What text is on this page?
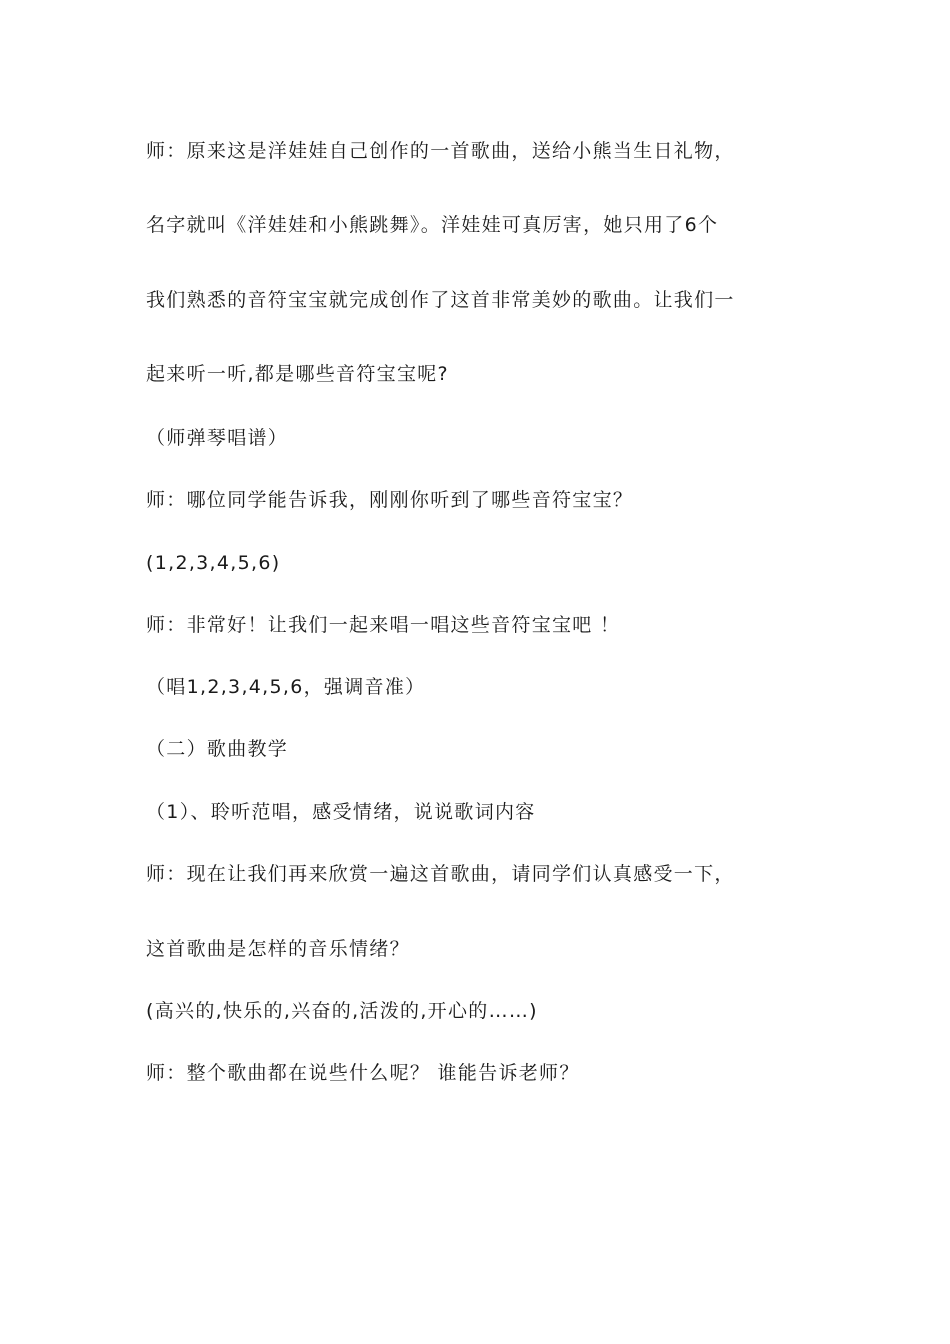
师：原来这是洋娃娃自己创作的一首歌曲，送给小熊当生日礼物，
名字就叫《洋娃娃和小熊跳舞》。洋娃娃可真厉害，她只用了6个
我们熟悉的音符宝宝就完成创作了这首非常美妙的歌曲。让我们一
起来听一听,都是哪些音符宝宝呢?
（师弹琴唱谱）
师：哪位同学能告诉我，刚刚你听到了哪些音符宝宝？
(1,2,3,4,5,6)
师：非常好！让我们一起来唱一唱这些音符宝宝吧 ！
（唱1,2,3,4,5,6，强调音准）
（二）歌曲教学
（1）、聆听范唱，感受情绪，说说歌词内容
师：现在让我们再来欣赏一遍这首歌曲，请同学们认真感受一下，
这首歌曲是怎样的音乐情绪？
(高兴的,快乐的,兴奋的,活泼的,开心的……)
师：整个歌曲都在说些什么呢？ 谁能告诉老师？
